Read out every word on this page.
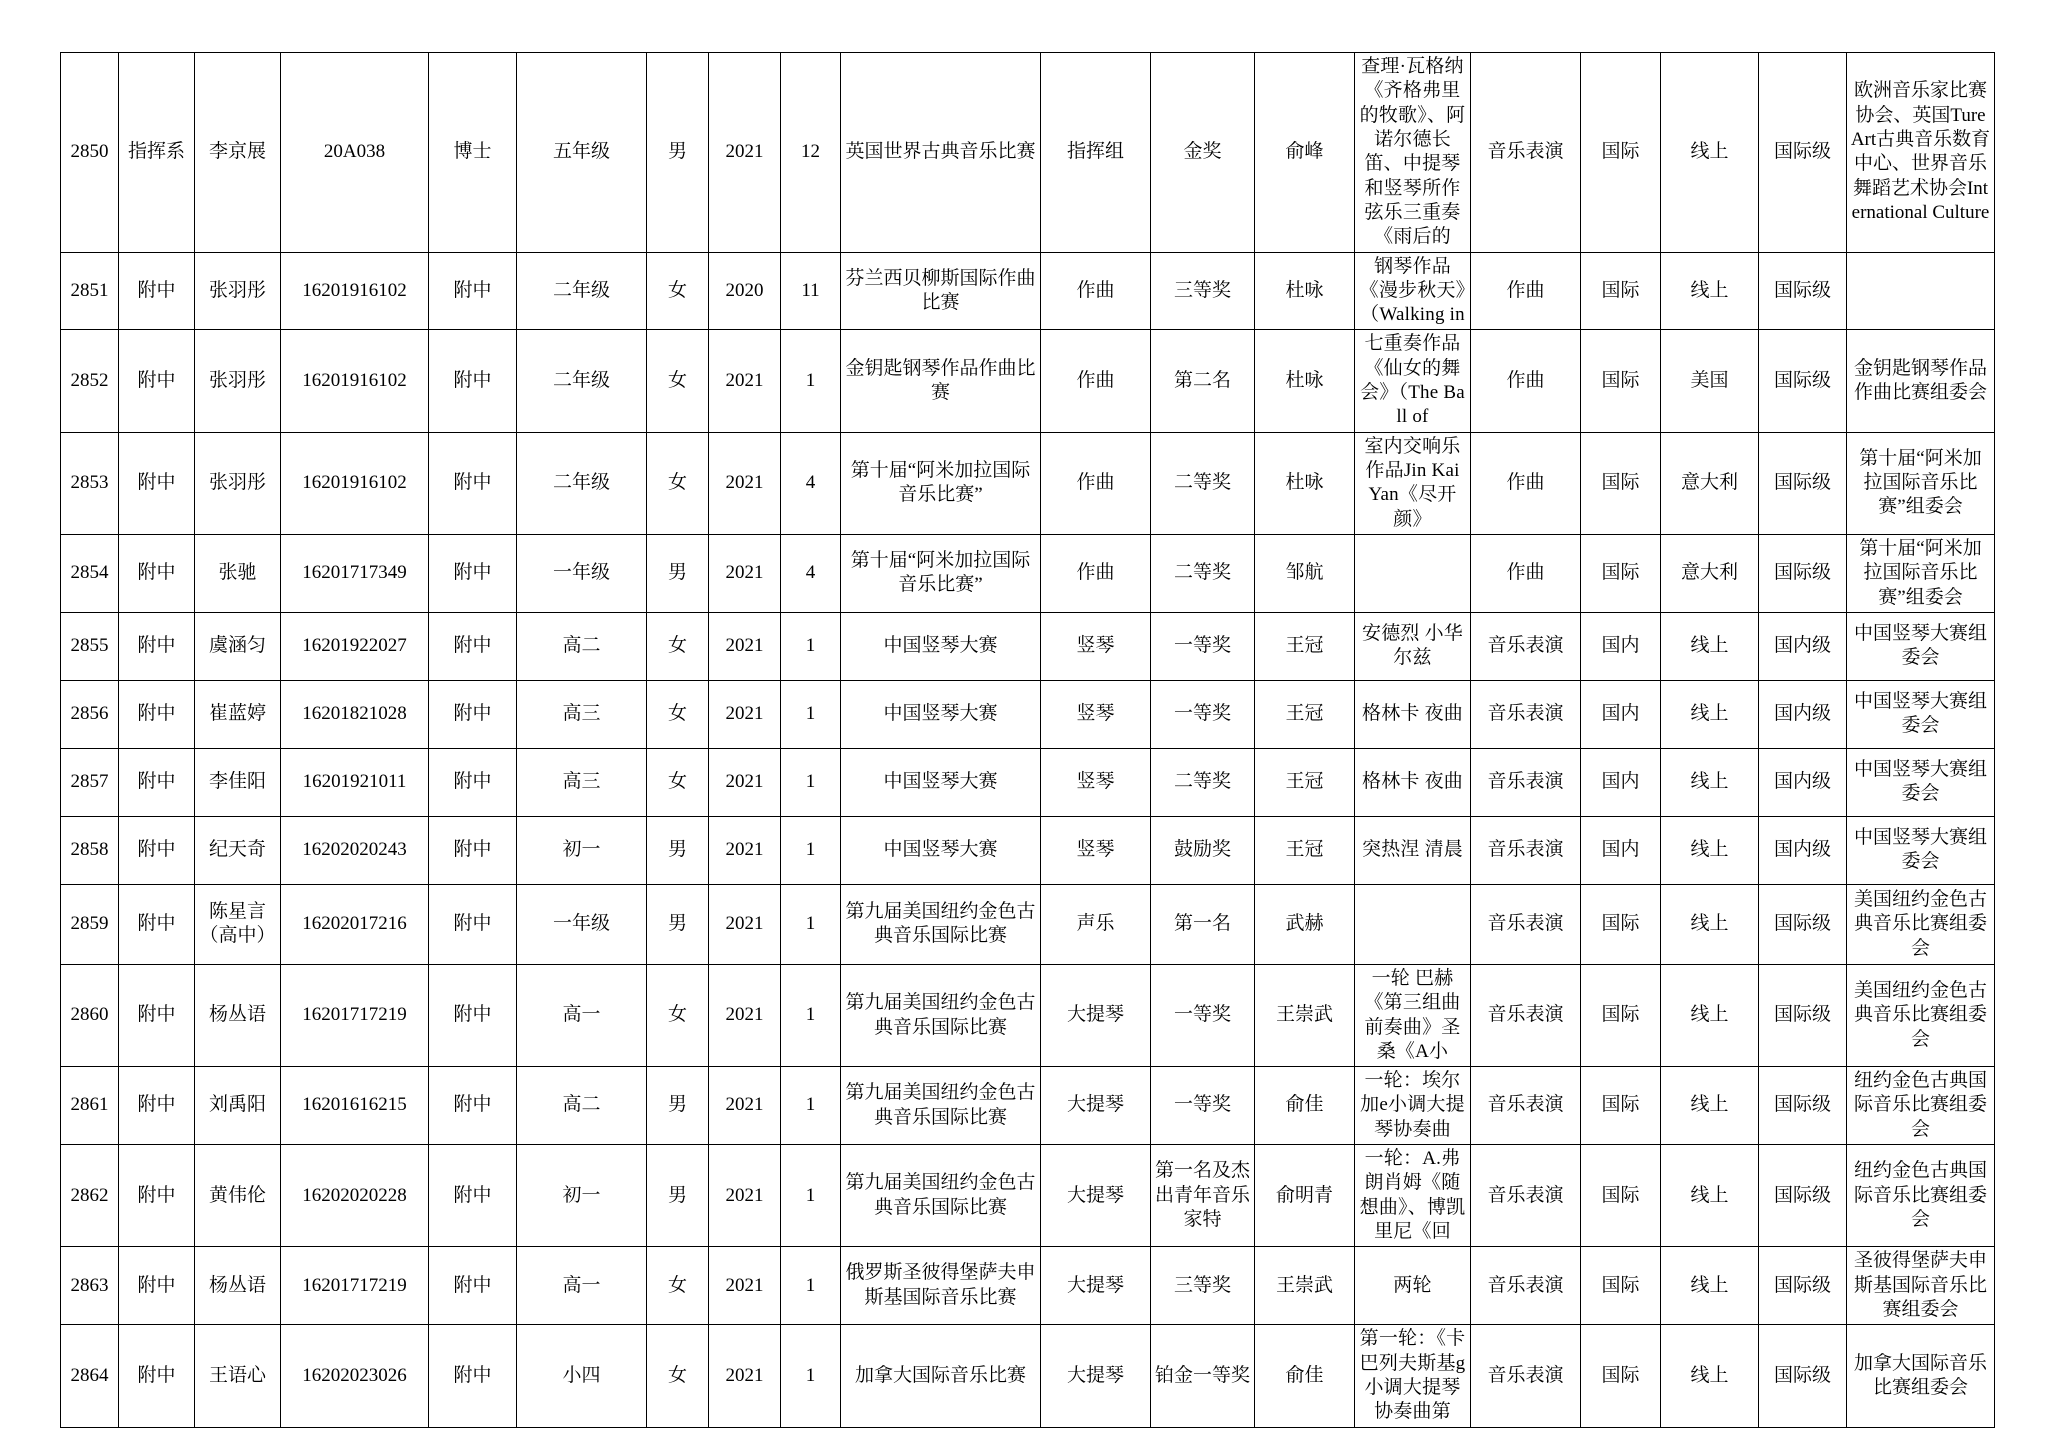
2850	指挥系	李京展	20A038	博士	五年级	男	2021	12	英国世界古典音乐比赛	指挥组	金奖	俞峰	查理·瓦格纳《齐格弗里的牧歌》、阿诺尔德长笛、中提琴和竖琴所作弦乐三重奏《雨后的	音乐表演	国际	线上	国际级	欧洲音乐家比赛协会、英国Ture Art古典音乐数育中心、世界音乐舞蹈艺术协会International Culture
2851	附中	张羽彤	16201916102	附中	二年级	女	2020	11	芬兰西贝柳斯国际作曲比赛	作曲	三等奖	杜咏	钢琴作品《漫步秋天》（Walking in	作曲	国际	线上	国际级	
2852	附中	张羽彤	16201916102	附中	二年级	女	2021	1	金钥匙钢琴作品作曲比赛	作曲	第二名	杜咏	七重奏作品《仙女的舞会》（The Ball of	作曲	国际	美国	国际级	金钥匙钢琴作品作曲比赛组委会
2853	附中	张羽彤	16201916102	附中	二年级	女	2021	4	第十届“阿米加拉国际音乐比赛”	作曲	二等奖	杜咏	室内交响乐作品Jin Kai Yan《尽开颜》	作曲	国际	意大利	国际级	第十届“阿米加拉国际音乐比赛”组委会
2854	附中	张驰	16201717349	附中	一年级	男	2021	4	第十届“阿米加拉国际音乐比赛”	作曲	二等奖	邹航		作曲	国际	意大利	国际级	第十届“阿米加拉国际音乐比赛”组委会
2855	附中	虞涵匀	16201922027	附中	高二	女	2021	1	中国竖琴大赛	竖琴	一等奖	王冠	安德烈 小华尔兹	音乐表演	国内	线上	国内级	中国竖琴大赛组委会
2856	附中	崔蓝婷	16201821028	附中	高三	女	2021	1	中国竖琴大赛	竖琴	一等奖	王冠	格林卡 夜曲	音乐表演	国内	线上	国内级	中国竖琴大赛组委会
2857	附中	李佳阳	16201921011	附中	高三	女	2021	1	中国竖琴大赛	竖琴	二等奖	王冠	格林卡 夜曲	音乐表演	国内	线上	国内级	中国竖琴大赛组委会
2858	附中	纪天奇	16202020243	附中	初一	男	2021	1	中国竖琴大赛	竖琴	鼓励奖	王冠	突热涅 清晨	音乐表演	国内	线上	国内级	中国竖琴大赛组委会
2859	附中	陈星言（高中）	16202017216	附中	一年级	男	2021	1	第九届美国纽约金色古典音乐国际比赛	声乐	第一名	武赫		音乐表演	国际	线上	国际级	美国纽约金色古典音乐比赛组委会
2860	附中	杨丛语	16201717219	附中	高一	女	2021	1	第九届美国纽约金色古典音乐国际比赛	大提琴	一等奖	王崇武	一轮 巴赫《第三组曲前奏曲》圣桑《A小	音乐表演	国际	线上	国际级	美国纽约金色古典音乐比赛组委会
2861	附中	刘禹阳	16201616215	附中	高二	男	2021	1	第九届美国纽约金色古典音乐国际比赛	大提琴	一等奖	俞佳	一轮：埃尔加e小调大提琴协奏曲	音乐表演	国际	线上	国际级	纽约金色古典国际音乐比赛组委会
2862	附中	黄伟伦	16202020228	附中	初一	男	2021	1	第九届美国纽约金色古典音乐国际比赛	大提琴	第一名及杰出青年音乐家特	俞明青	一轮：A.弗朗肖姆《随想曲》、博凯里尼《回	音乐表演	国际	线上	国际级	纽约金色古典国际音乐比赛组委会
2863	附中	杨丛语	16201717219	附中	高一	女	2021	1	俄罗斯圣彼得堡萨夫申斯基国际音乐比赛	大提琴	三等奖	王崇武	两轮	音乐表演	国际	线上	国际级	圣彼得堡萨夫申斯基国际音乐比赛组委会
2864	附中	王语心	16202023026	附中	小四	女	2021	1	加拿大国际音乐比赛	大提琴	铂金一等奖	俞佳	第一轮：《卡巴列夫斯基g小调大提琴协奏曲第	音乐表演	国际	线上	国际级	加拿大国际音乐比赛组委会
